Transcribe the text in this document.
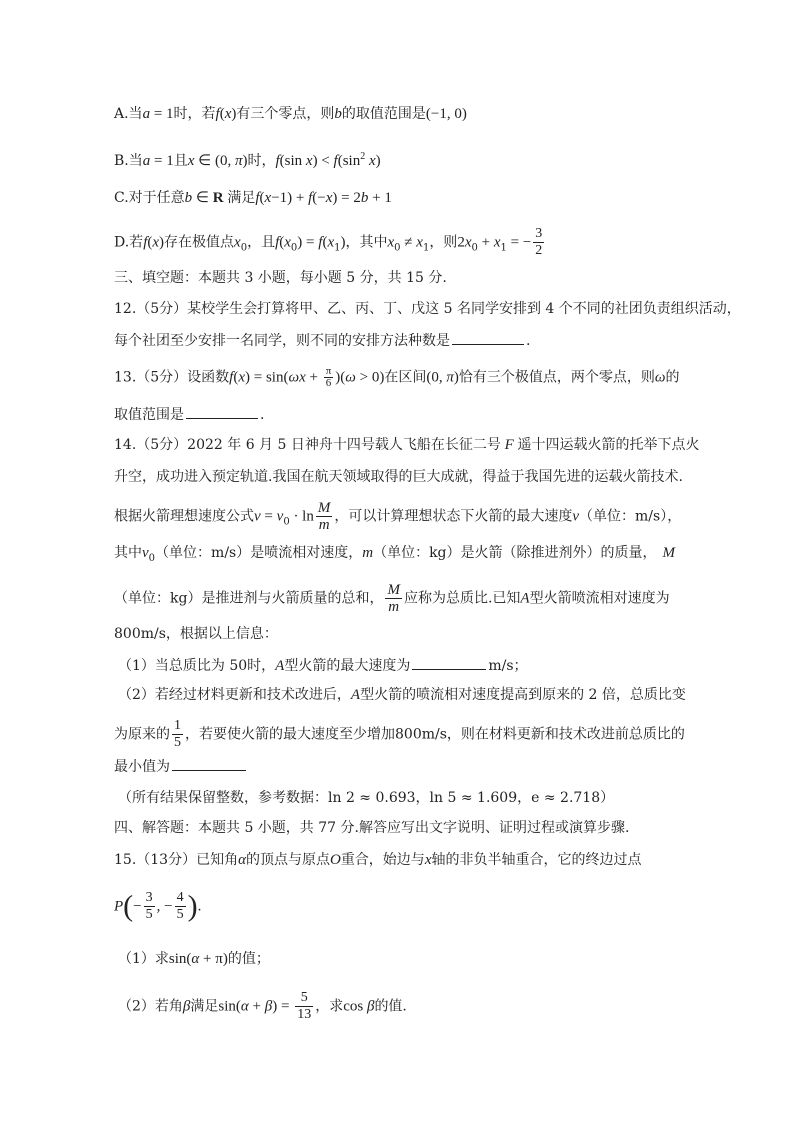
A.当a = 1时，若f(x)有三个零点，则b的取值范围是(−1, 0)
B.当a = 1且x ∈ (0, π)时，f(sin $x) < f(\sin^2$ x)
C.对于任意b ∈ R 满足f(x−1) + f(−x) = 2b + 1
D.若f(x)存在极值点$x_0$，且$f(x_0) = f(x_1)$，其中$x_0 \ne x_1$，则$2x_0 + x_1$ = − $\frac{3}{2}$
三、填空题：本题共 3 小题，每小题 5 分，共 15 分.
12.（5分）某校学生会打算将甲、乙、丙、丁、戊这 5 名同学安排到 4 个不同的社团负责组织活动，
每个社团至少安排一名同学，则不同的安排方法种数是	.
13.（5分）设函数$f(x) = \sin(\omega x + \frac{\pi}{6} )(\omega > 0)$在区间(0, π)恰有三个极值点，两个零点，则ω的
取值范围是	.
14.（5分）2022 年 6 月 5 日神舟十四号载人飞船在长征二号 F 遥十四运载火箭的托举下点火
升空，成功进入预定轨道.我国在航天领域取得的巨大成就，得益于我国先进的运载火箭技术.
根据火箭理想速度公式$v = v_0 \cdot \ln \frac{M}{m}$ ，可以计算理想状态下火箭的最大速度v（单位：m/s），
其中$v_0$（单位：m/s）是喷流相对速度，m（单位：kg）是火箭（除推进剂外）的质量， M
（单位：kg）是推进剂与火箭质量的总和， $\frac{M}{m}$ 应称为总质比.已知A型火箭喷流相对速度为
800m/s，根据以上信息：
（1）当总质比为 50时，A型火箭的最大速度为	m/s；
（2）若经过材料更新和技术改进后，A型火箭的喷流相对速度提高到原来的 2 倍，总质比变
为原来的 $\frac{1}{5}$ ，若要使火箭的最大速度至少增加800m/s，则在材料更新和技术改进前总质比的
最小值为
（所有结果保留整数，参考数据：ln 2 ≈ 0.693，ln 5 ≈ 1.609，e ≈ 2.718）
四、解答题：本题共 5 小题，共 77 分.解答应写出文字说明、证明过程或演算步骤.
15.（13分）已知角α的顶点与原点O重合，始边与x轴的非负半轴重合，它的终边过点
$P(- \frac{3}{5}$ , − $\frac{4}{5}$ ).
（1）求sin(α + π)的值；
（2）若角β满足$\sin(\alpha + \beta) = \frac{5}{13}$ ，求cos β的值.
